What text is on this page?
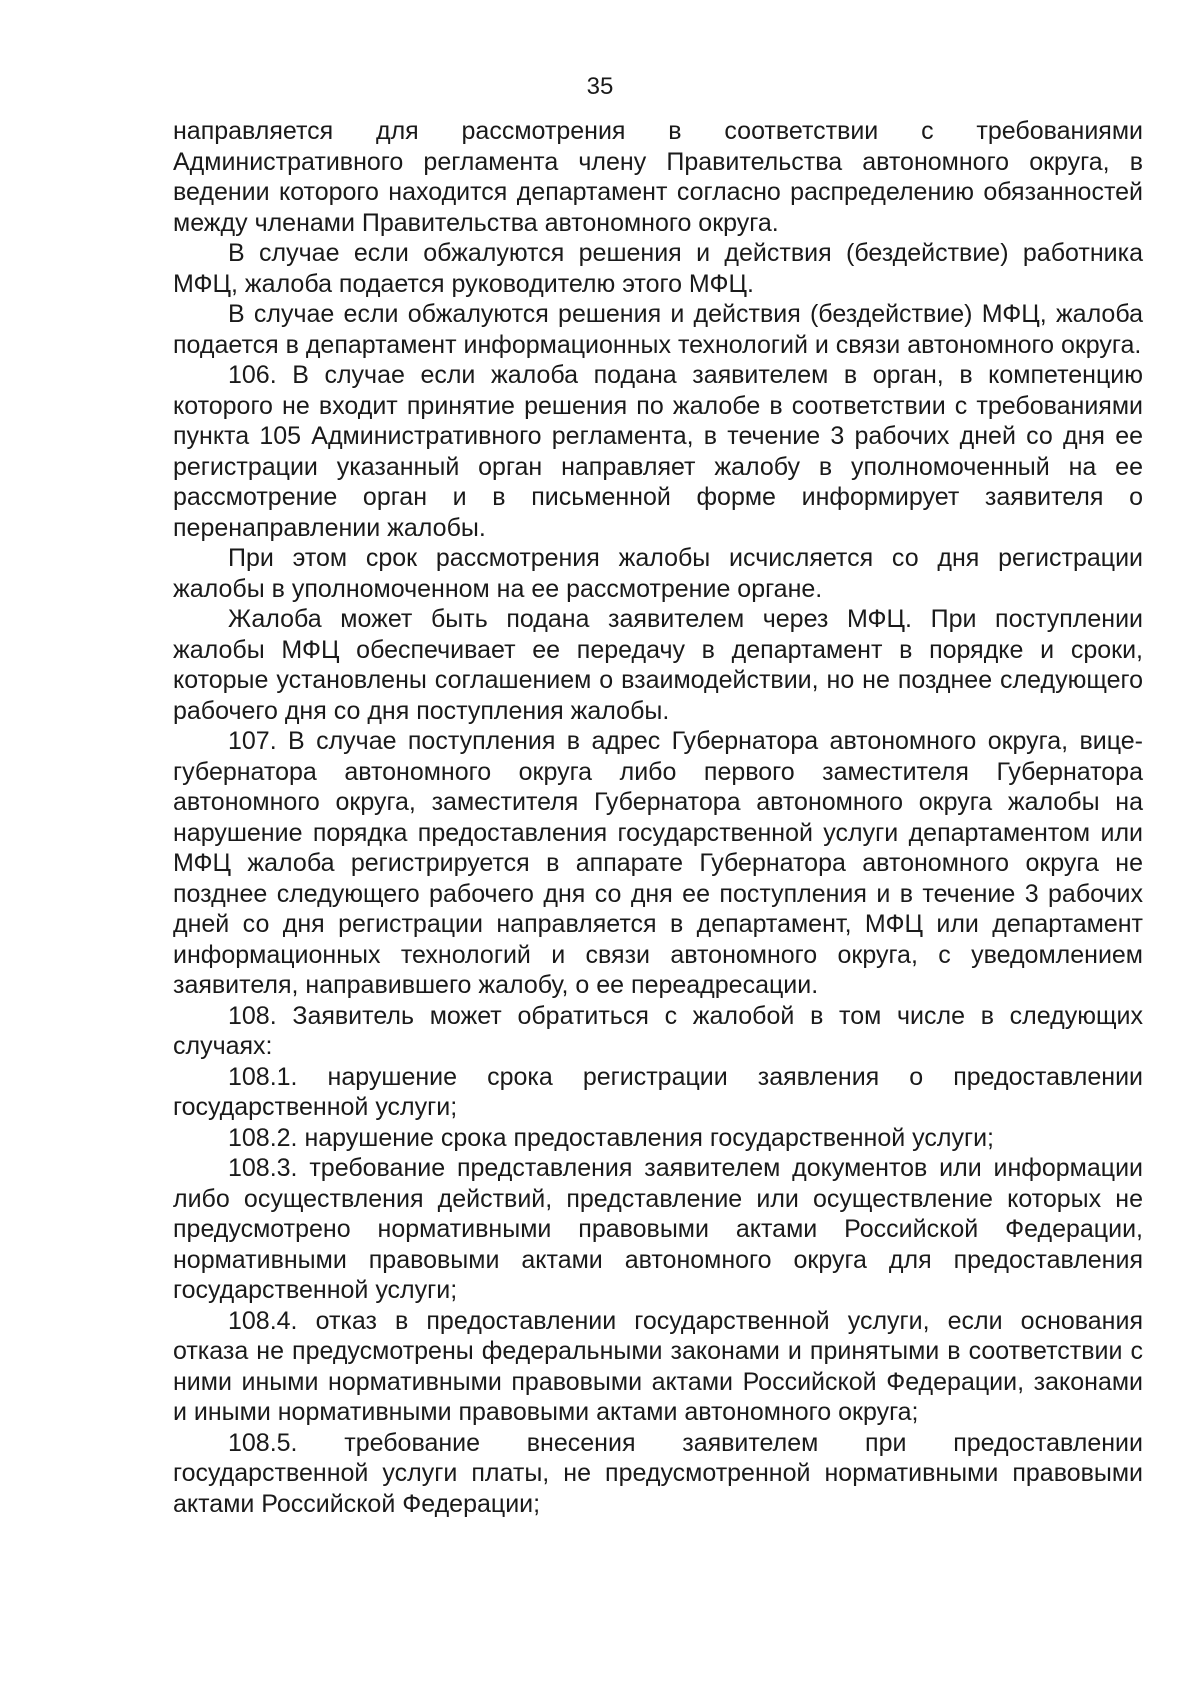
35

направляется для рассмотрения в соответствии с требованиями Административного регламента члену Правительства автономного округа, в ведении которого находится департамент согласно распределению обязанностей между членами Правительства автономного округа.

В случае если обжалуются решения и действия (бездействие) работника МФЦ, жалоба подается руководителю этого МФЦ.

В случае если обжалуются решения и действия (бездействие) МФЦ, жалоба подается в департамент информационных технологий и связи автономного округа.

106. В случае если жалоба подана заявителем в орган, в компетенцию которого не входит принятие решения по жалобе в соответствии с требованиями пункта 105 Административного регламента, в течение 3 рабочих дней со дня ее регистрации указанный орган направляет жалобу в уполномоченный на ее рассмотрение орган и в письменной форме информирует заявителя о перенаправлении жалобы.

При этом срок рассмотрения жалобы исчисляется со дня регистрации жалобы в уполномоченном на ее рассмотрение органе.

Жалоба может быть подана заявителем через МФЦ. При поступлении жалобы МФЦ обеспечивает ее передачу в департамент в порядке и сроки, которые установлены соглашением о взаимодействии, но не позднее следующего рабочего дня со дня поступления жалобы.

107. В случае поступления в адрес Губернатора автономного округа, вице-губернатора автономного округа либо первого заместителя Губернатора автономного округа, заместителя Губернатора автономного округа жалобы на нарушение порядка предоставления государственной услуги департаментом или МФЦ жалоба регистрируется в аппарате Губернатора автономного округа не позднее следующего рабочего дня со дня ее поступления и в течение 3 рабочих дней со дня регистрации направляется в департамент, МФЦ или департамент информационных технологий и связи автономного округа, с уведомлением заявителя, направившего жалобу, о ее переадресации.

108. Заявитель может обратиться с жалобой в том числе в следующих случаях:

108.1. нарушение срока регистрации заявления о предоставлении государственной услуги;

108.2. нарушение срока предоставления государственной услуги;

108.3. требование представления заявителем документов или информации либо осуществления действий, представление или осуществление которых не предусмотрено нормативными правовыми актами Российской Федерации, нормативными правовыми актами автономного округа для предоставления государственной услуги;

108.4. отказ в предоставлении государственной услуги, если основания отказа не предусмотрены федеральными законами и принятыми в соответствии с ними иными нормативными правовыми актами Российской Федерации, законами и иными нормативными правовыми актами автономного округа;

108.5. требование внесения заявителем при предоставлении государственной услуги платы, не предусмотренной нормативными правовыми актами Российской Федерации;
